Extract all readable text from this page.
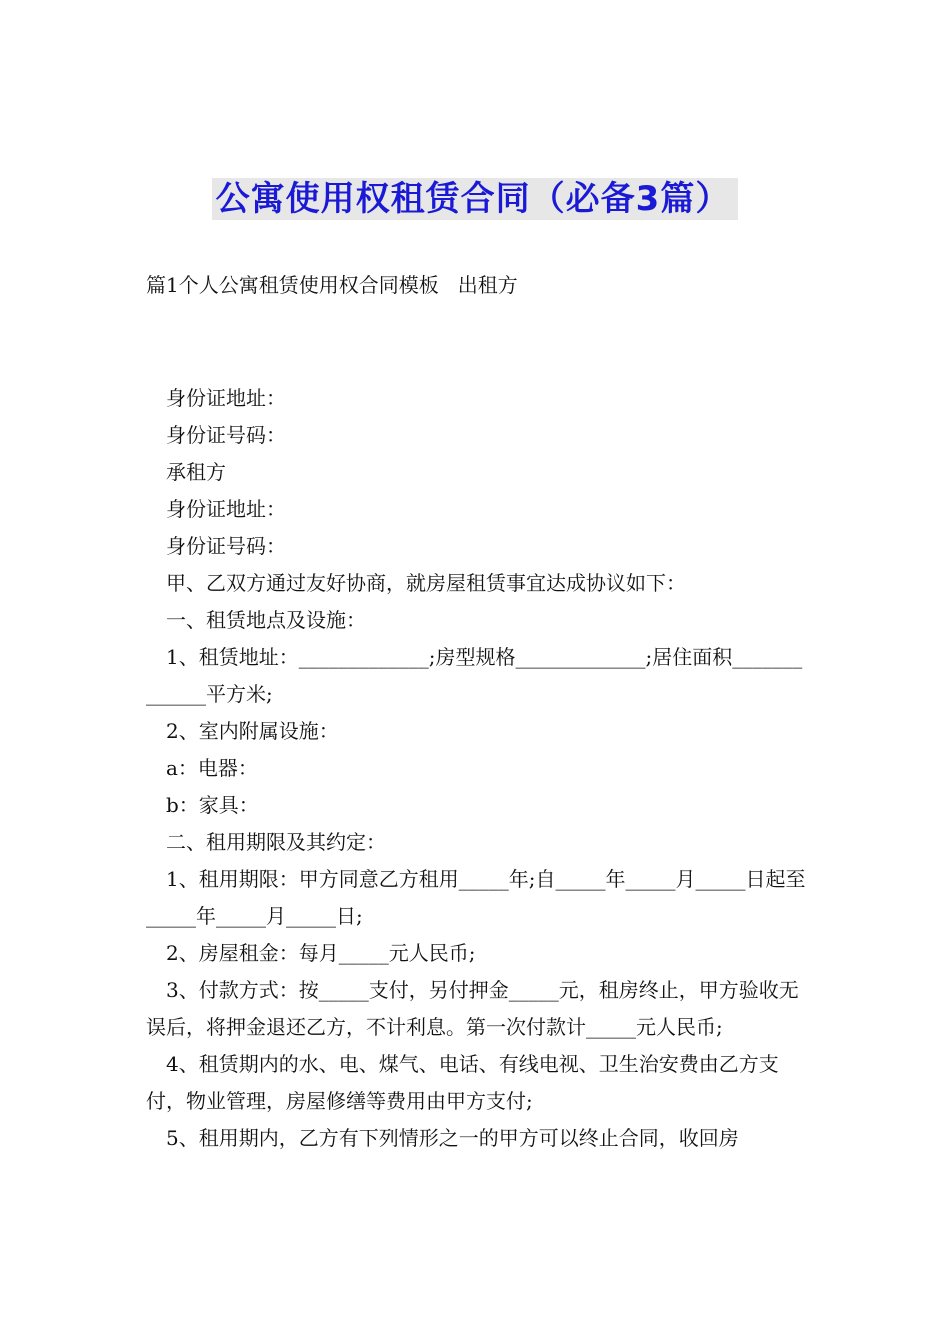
公寓使用权租赁合同（必备3篇）
篇1个人公寓租赁使用权合同模板   出租方

身份证地址：

身份证号码：

承租方

身份证地址：

身份证号码：

甲、乙双方通过友好协商，就房屋租赁事宜达成协议如下：

一、租赁地点及设施：

1、租赁地址：_____________;房型规格_____________;居住面积_____________平方米;

2、室内附属设施：

a：电器：

b：家具：

二、租用期限及其约定：

1、租用期限：甲方同意乙方租用_____年;自_____年_____月_____日起至_____年_____月_____日;

2、房屋租金：每月_____元人民币;

3、付款方式：按_____支付，另付押金_____元，租房终止，甲方验收无误后，将押金退还乙方，不计利息。第一次付款计_____元人民币;

4、租赁期内的水、电、煤气、电话、有线电视、卫生治安费由乙方支付，物业管理，房屋修缮等费用由甲方支付;

5、租用期内，乙方有下列情形之一的甲方可以终止合同，收回房
